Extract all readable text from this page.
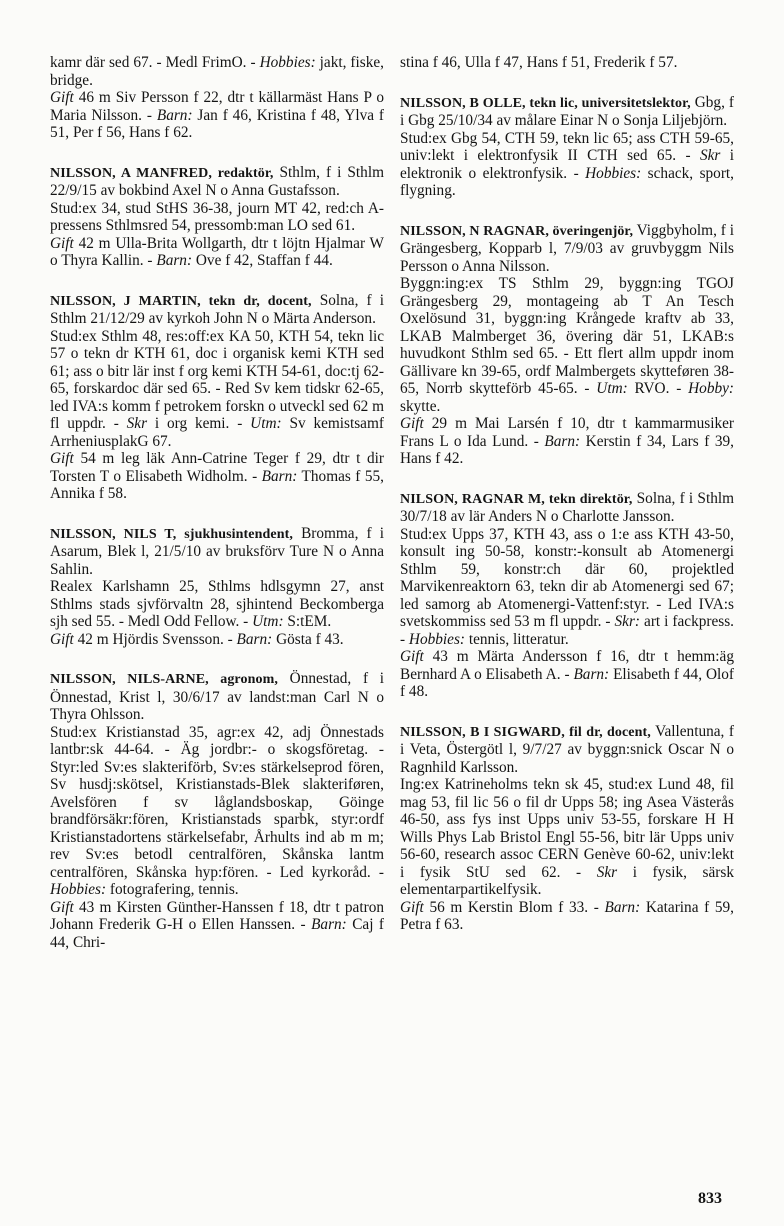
kamr där sed 67. - Medl FrimO. - Hobbies: jakt, fiske, bridge.

Gift 46 m Siv Persson f 22, dtr t källarmäst Hans P o Maria Nilsson. - Barn: Jan f 46, Kristina f 48, Ylva f 51, Per f 56, Hans f 62.

NILSSON, A MANFRED, redaktör, Sthlm, f i Sthlm 22/9/15 av bokbind Axel N o Anna Gustafsson.

Stud:ex 34, stud StHS 36-38, journ MT 42, red:ch A-pressens Sthlmsred 54, pressomb:man LO sed 61.

Gift 42 m Ulla-Brita Wollgarth, dtr t löjtn Hjalmar W o Thyra Kallin. - Barn: Ove f 42, Staffan f 44.

NILSSON, J MARTIN, tekn dr, docent, Solna, f i Sthlm 21/12/29 av kyrkoh John N o Märta Anderson.

Stud:ex Sthlm 48, res:off:ex KA 50, KTH 54, tekn lic 57 o tekn dr KTH 61, doc i organisk kemi KTH sed 61; ass o bitr lär inst f org kemi KTH 54-61, doc:tj 62-65, forskardoc där sed 65. - Red Sv kem tidskr 62-65, led IVA:s komm f petrokem forskn o utveckl sed 62 m fl uppdr. - Skr i org kemi. - Utm: Sv kemistsamf ArrheniusplakG 67.

Gift 54 m leg läk Ann-Catrine Teger f 29, dtr t dir Torsten T o Elisabeth Widholm. - Barn: Thomas f 55, Annika f 58.

NILSSON, NILS T, sjukhusintendent, Bromma, f i Asarum, Blek l, 21/5/10 av bruksförv Ture N o Anna Sahlin.

Realex Karlshamn 25, Sthlms hdlsgymn 27, anst Sthlms stads sjvförvaltn 28, sjhintend Beckomberga sjh sed 55. - Medl Odd Fellow. - Utm: S:tEM.

Gift 42 m Hjördis Svensson. - Barn: Gösta f 43.

NILSSON, NILS-ARNE, agronom, Önnestad, f i Önnestad, Krist l, 30/6/17 av landst:man Carl N o Thyra Ohlsson.

Stud:ex Kristianstad 35, agr:ex 42, adj Önnestads lantbr:sk 44-64. - Äg jordbr:- o skogsföretag. - Styr:led Sv:es slakteriförb, Sv:es stärkelseprod fören, Sv husdj:skötsel, Kristianstads-Blek slakteriføren, Avelsfören f sv låglandsboskap, Göinge brandförsäkr:fören, Kristianstads sparbk, styr:ordf Kristianstadortens stärkelsefabr, Århults ind ab m m; rev Sv:es betodl centralfören, Skånska lantm centralfören, Skånska hyp:fören. - Led kyrkoråd. - Hobbies: fotografering, tennis.

Gift 43 m Kirsten Günther-Hanssen f 18, dtr t patron Johann Frederik G-H o Ellen Hanssen. - Barn: Caj f 44, Chri-

stina f 46, Ulla f 47, Hans f 51, Frederik f 57.

NILSSON, B OLLE, tekn lic, universitetslektor, Gbg, f i Gbg 25/10/34 av målare Einar N o Sonja Liljebjörn.

Stud:ex Gbg 54, CTH 59, tekn lic 65; ass CTH 59-65, univ:lekt i elektronfysik II CTH sed 65. - Skr i elektronik o elektronfysik. - Hobbies: schack, sport, flygning.

NILSSON, N RAGNAR, överingenjör, Viggbyholm, f i Grängesberg, Kopparb l, 7/9/03 av gruvbyggm Nils Persson o Anna Nilsson.

Byggn:ing:ex TS Sthlm 29, byggn:ing TGOJ Grängesberg 29, montageing ab T An Tesch Oxelösund 31, byggn:ing Krångede kraftv ab 33, LKAB Malmberget 36, övering där 51, LKAB:s huvudkont Sthlm sed 65. - Ett flert allm uppdr inom Gällivare kn 39-65, ordf Malmbergets skytteføren 38-65, Norrb skytteförb 45-65. - Utm: RVO. - Hobby: skytte.

Gift 29 m Mai Larsén f 10, dtr t kammarmusiker Frans L o Ida Lund. - Barn: Kerstin f 34, Lars f 39, Hans f 42.

NILSON, RAGNAR M, tekn direktör, Solna, f i Sthlm 30/7/18 av lär Anders N o Charlotte Jansson.

Stud:ex Upps 37, KTH 43, ass o 1:e ass KTH 43-50, konsult ing 50-58, konstr:-konsult ab Atomenergi Sthlm 59, konstr:ch där 60, projektled Marvikenreaktorn 63, tekn dir ab Atomenergi sed 67; led samorg ab Atomenergi-Vattenf:styr. - Led IVA:s svetskommiss sed 53 m fl uppdr. - Skr: art i fackpress. - Hobbies: tennis, litteratur.

Gift 43 m Märta Andersson f 16, dtr t hemm:äg Bernhard A o Elisabeth A. - Barn: Elisabeth f 44, Olof f 48.

NILSSON, B I SIGWARD, fil dr, docent, Vallentuna, f i Veta, Östergötl l, 9/7/27 av byggn:snick Oscar N o Ragnhild Karlsson.

Ing:ex Katrineholms tekn sk 45, stud:ex Lund 48, fil mag 53, fil lic 56 o fil dr Upps 58; ing Asea Västerås 46-50, ass fys inst Upps univ 53-55, forskare H H Wills Phys Lab Bristol Engl 55-56, bitr lär Upps univ 56-60, research assoc CERN Genève 60-62, univ:lekt i fysik StU sed 62. - Skr i fysik, särsk elementarpartikelfysik.

Gift 56 m Kerstin Blom f 33. - Barn: Katarina f 59, Petra f 63.

833
